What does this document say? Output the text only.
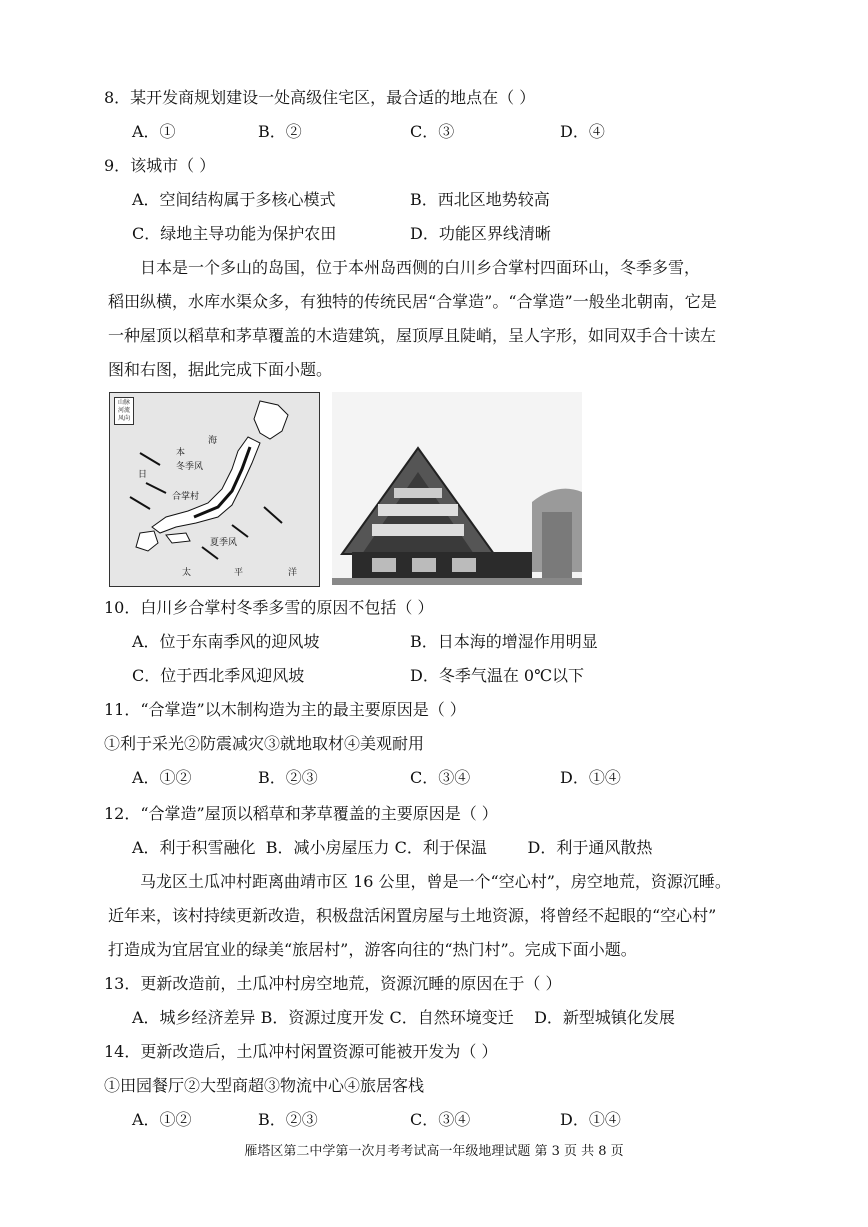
8．某开发商规划建设一处高级住宅区，最合适的地点在（ ）
A．①	B．②	C．③	D．④
9．该城市（ ）
A．空间结构属于多核心模式	B．西北区地势较高
C．绿地主导功能为保护农田	D．功能区界线清晰
日本是一个多山的岛国，位于本州岛西侧的白川乡合掌村四面环山，冬季多雪，
稻田纵横，水库水渠众多，有独特的传统民居“合掌造”。“合掌造”一般坐北朝南，它是
一种屋顶以稻草和茅草覆盖的木造建筑，屋顶厚且陡峭，呈人字形，如同双手合十读左
图和右图，据此完成下面小题。
山脉
河流
风向
日
本
海
冬季风
合掌村
夏季风
太	平	洋
10．白川乡合掌村冬季多雪的原因不包括（ ）
A．位于东南季风的迎风坡	B．日本海的增湿作用明显
C．位于西北季风迎风坡	D．冬季气温在 0℃以下
11．“合掌造”以木制构造为主的最主要原因是（ ）
①利于采光②防震减灾③就地取材④美观耐用
A．①②	B．②③	C．③④	D．①④
12．“合掌造”屋顶以稻草和茅草覆盖的主要原因是（ ）
A．利于积雪融化  B．减小房屋压力 C．利于保温        D．利于通风散热
马龙区土瓜冲村距离曲靖市区 16 公里，曾是一个“空心村”，房空地荒，资源沉睡。
近年来，该村持续更新改造，积极盘活闲置房屋与土地资源，将曾经不起眼的“空心村”
打造成为宜居宜业的绿美“旅居村”，游客向往的“热门村”。完成下面小题。
13．更新改造前，土瓜冲村房空地荒，资源沉睡的原因在于（ ）
A．城乡经济差异 B．资源过度开发 C．自然环境变迁    D．新型城镇化发展
14．更新改造后，土瓜冲村闲置资源可能被开发为（ ）
①田园餐厅②大型商超③物流中心④旅居客栈
A．①②	B．②③	C．③④	D．①④
雁塔区第二中学第一次月考考试高一年级地理试题 第 3 页 共 8 页
